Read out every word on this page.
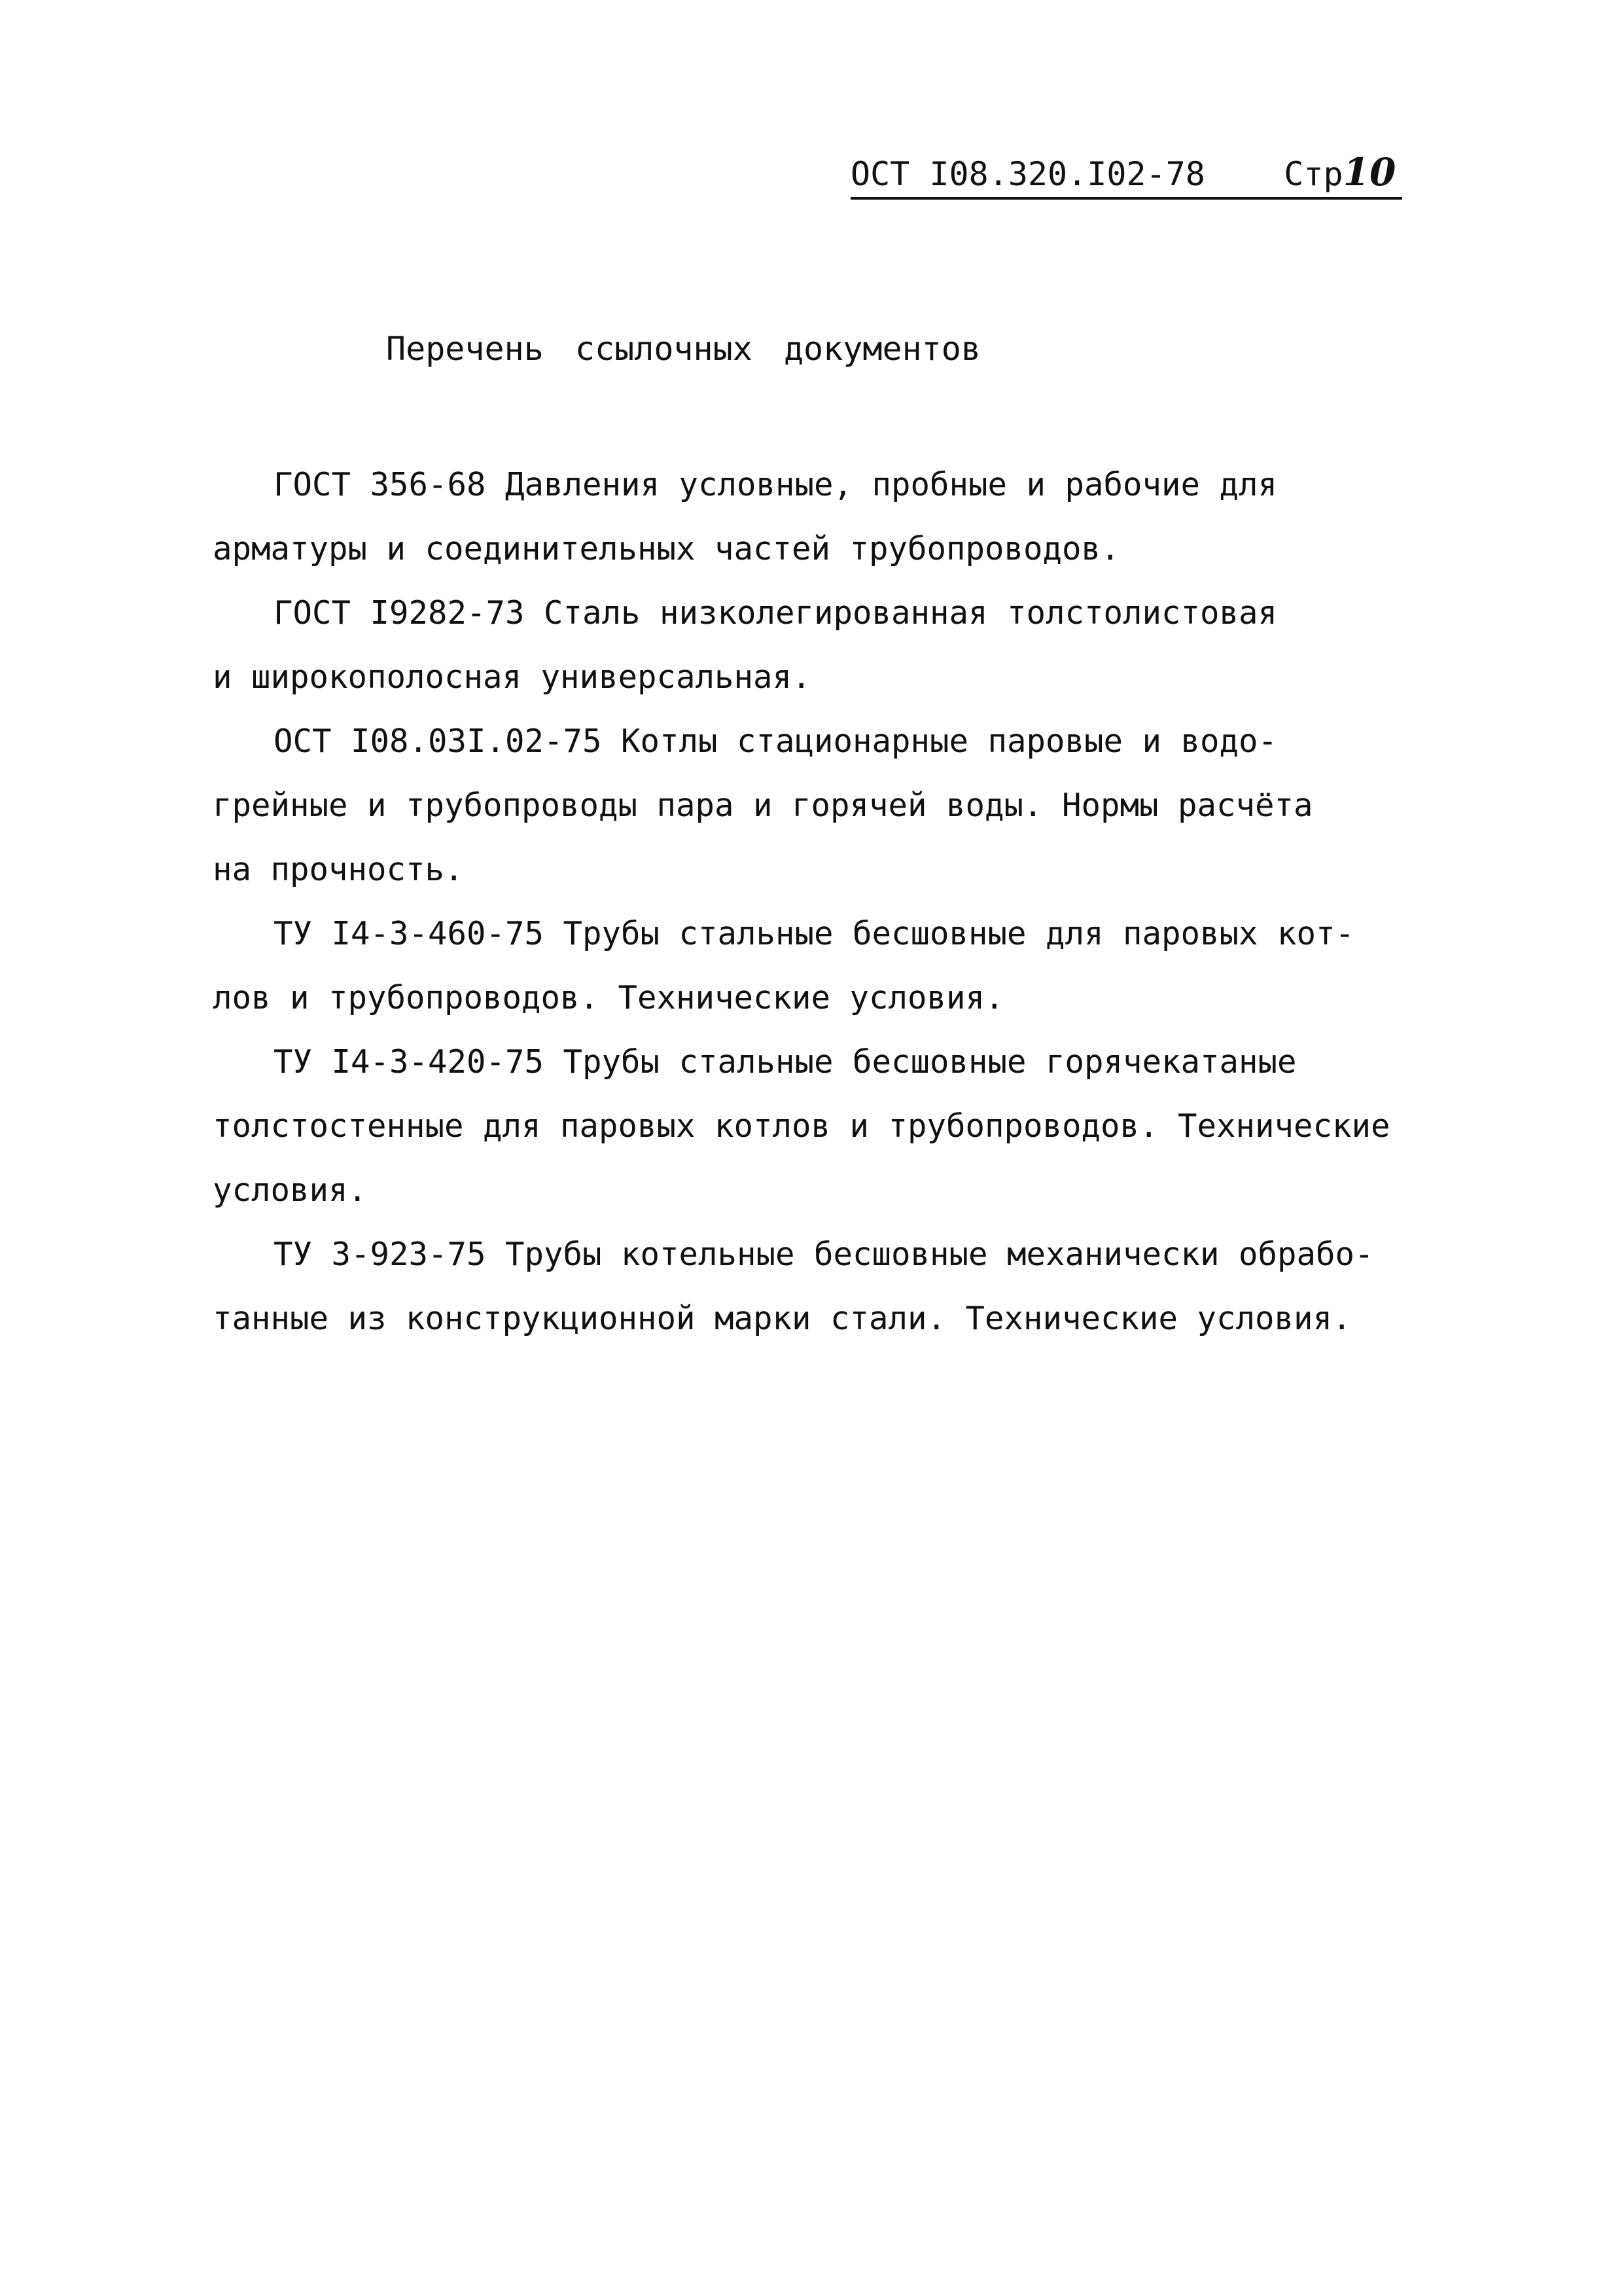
ОСТ I08.320.I02-78 Стр10
Перечень ссылочных документов
ГОСТ 356-68 Давления условные, пробные и рабочие для
арматуры и соединительных частей трубопроводов.
ГОСТ I9282-73 Сталь низколегированная толстолистовая
и широкополосная универсальная.
ОСТ I08.03I.02-75 Котлы стационарные паровые и водо-
грейные и трубопроводы пара и горячей воды. Нормы расчёта
на прочность.
ТУ I4-3-460-75 Трубы стальные бесшовные для паровых кот-
лов и трубопроводов. Технические условия.
ТУ I4-3-420-75 Трубы стальные бесшовные горячекатаные
толстостенные для паровых котлов и трубопроводов. Технические
условия.
ТУ 3-923-75 Трубы котельные бесшовные механически обрабо-
танные из конструкционной марки стали. Технические условия.
